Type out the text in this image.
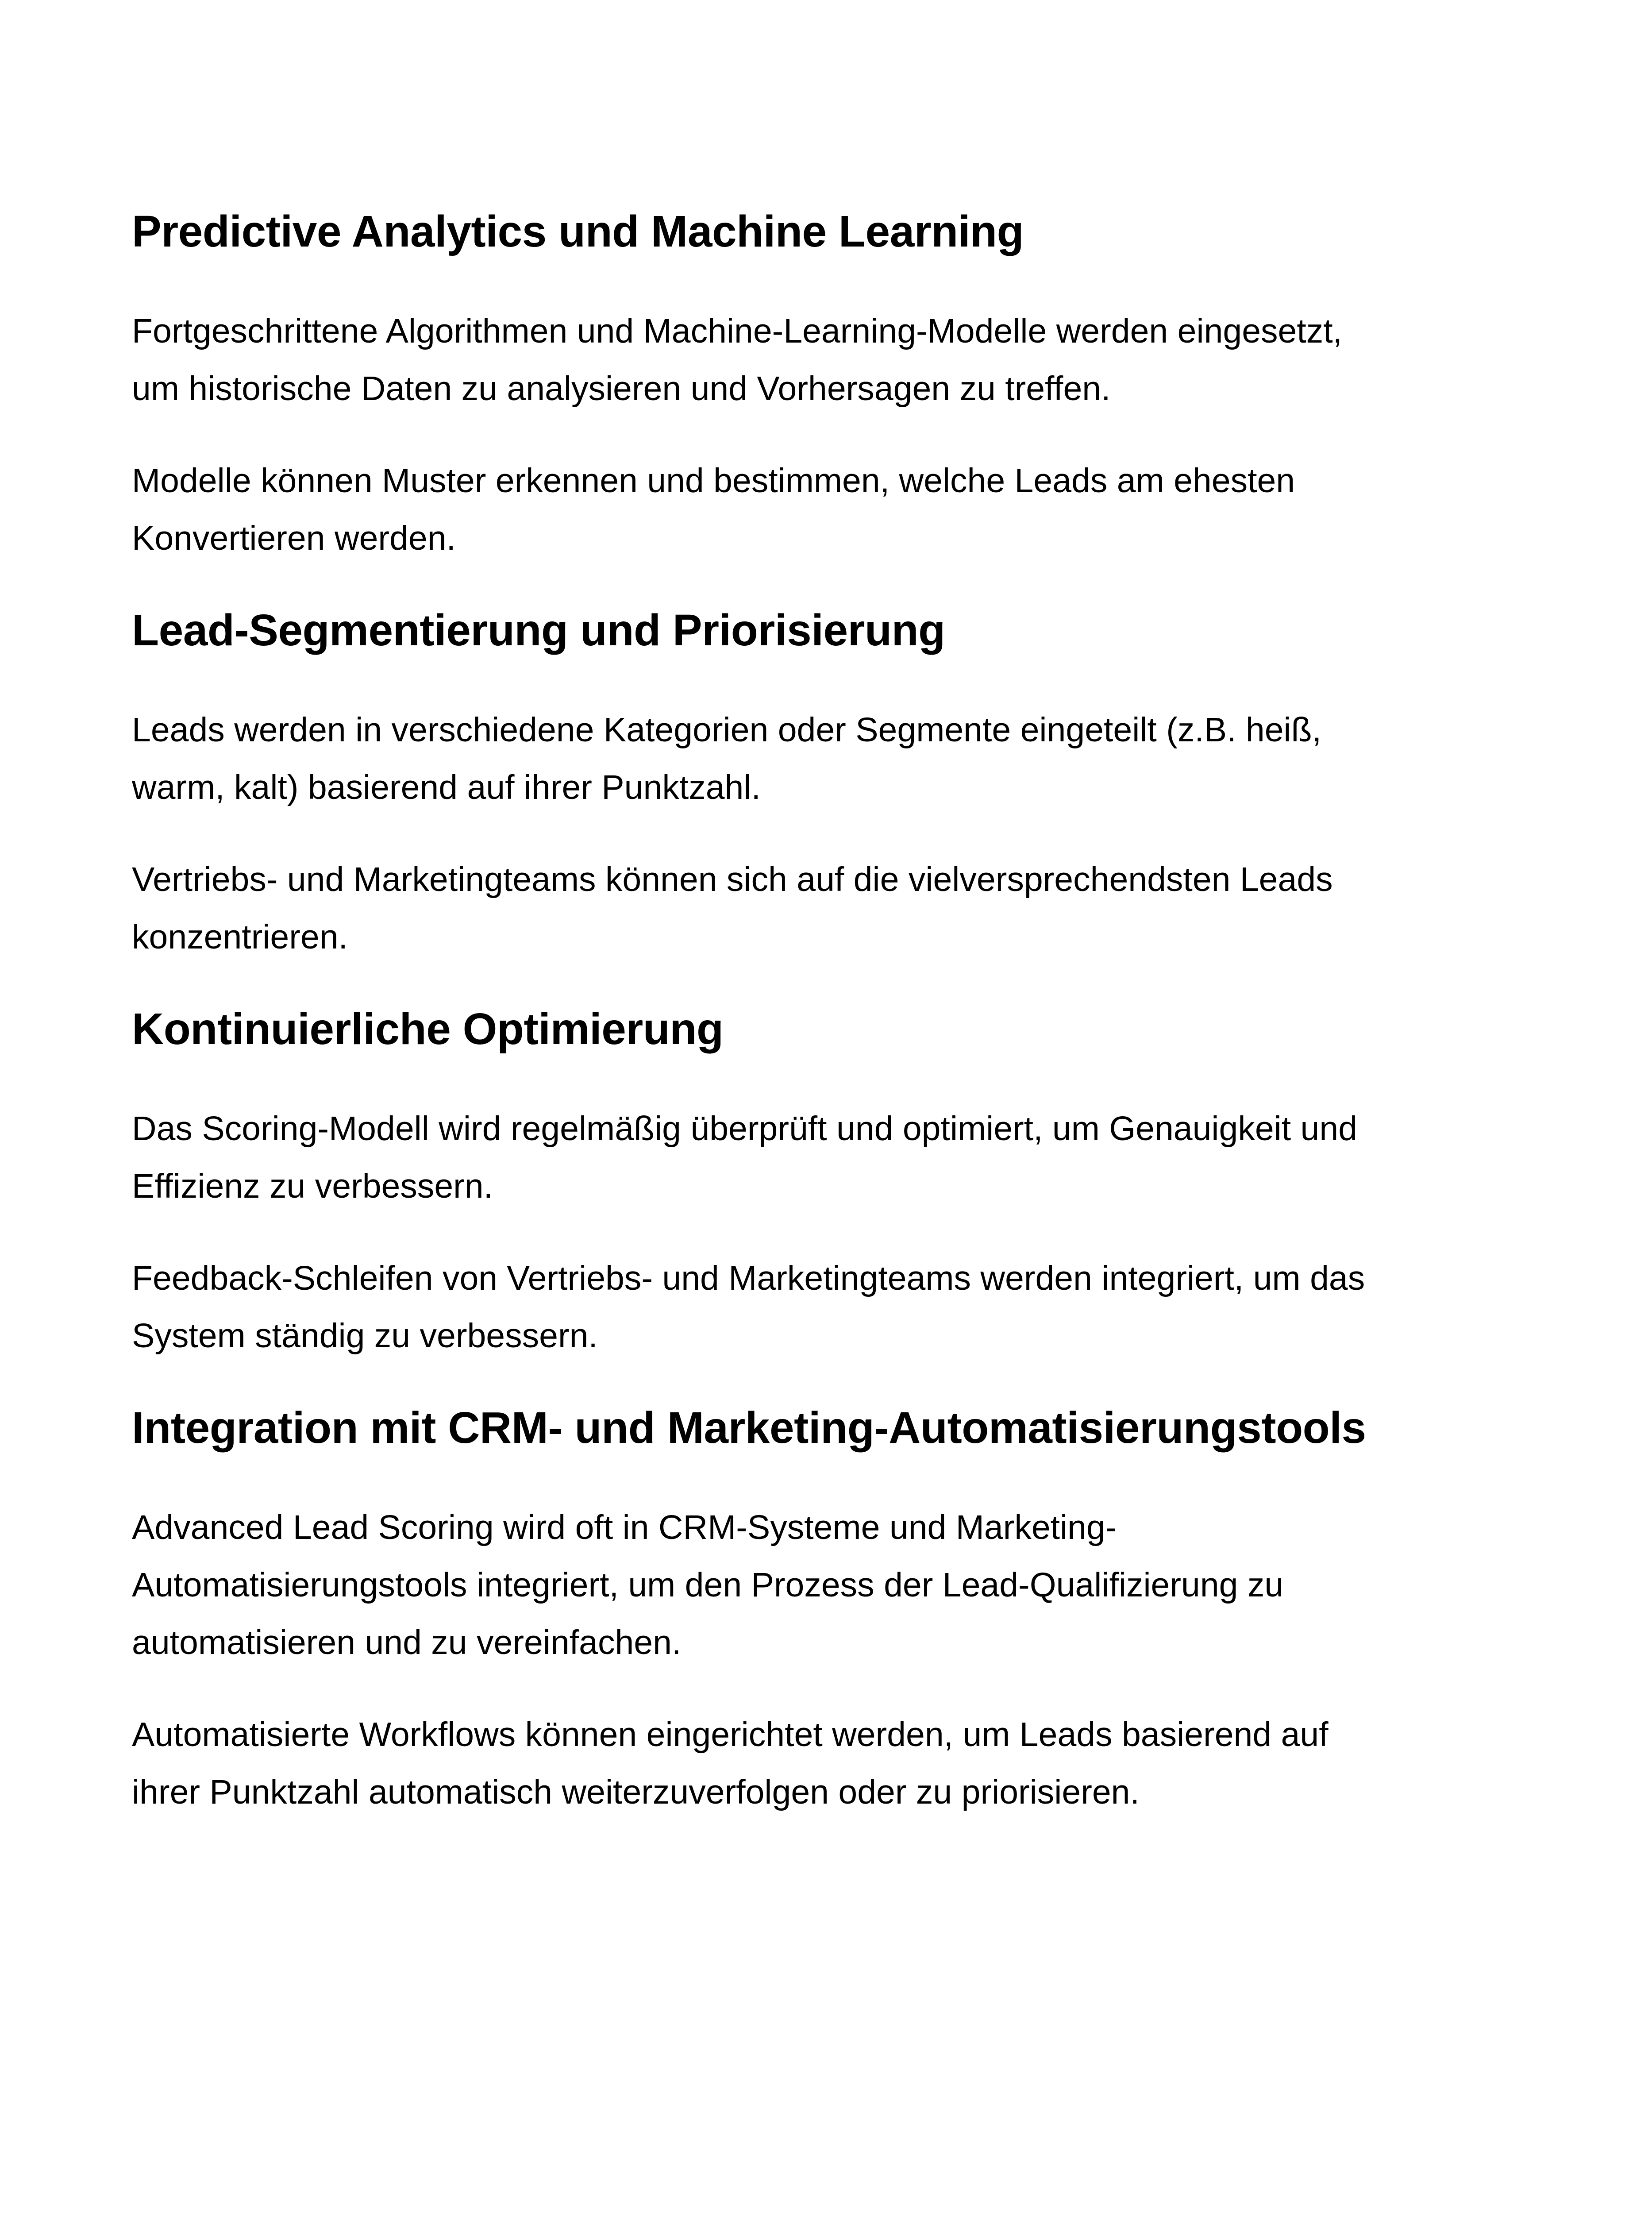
Predictive Analytics und Machine Learning

Fortgeschrittene Algorithmen und Machine-Learning-Modelle werden eingesetzt,
um historische Daten zu analysieren und Vorhersagen zu treffen.

Modelle können Muster erkennen und bestimmen, welche Leads am ehesten
Konvertieren werden.

Lead-Segmentierung und Priorisierung

Leads werden in verschiedene Kategorien oder Segmente eingeteilt (z.B. heiß,
warm, kalt) basierend auf ihrer Punktzahl.

Vertriebs- und Marketingteams können sich auf die vielversprechendsten Leads
konzentrieren.

Kontinuierliche Optimierung

Das Scoring-Modell wird regelmäßig überprüft und optimiert, um Genauigkeit und
Effizienz zu verbessern.

Feedback-Schleifen von Vertriebs- und Marketingteams werden integriert, um das
System ständig zu verbessern.

Integration mit CRM- und Marketing-Automatisierungstools

Advanced Lead Scoring wird oft in CRM-Systeme und Marketing-
Automatisierungstools integriert, um den Prozess der Lead-Qualifizierung zu
automatisieren und zu vereinfachen.

Automatisierte Workflows können eingerichtet werden, um Leads basierend auf
ihrer Punktzahl automatisch weiterzuverfolgen oder zu priorisieren.
